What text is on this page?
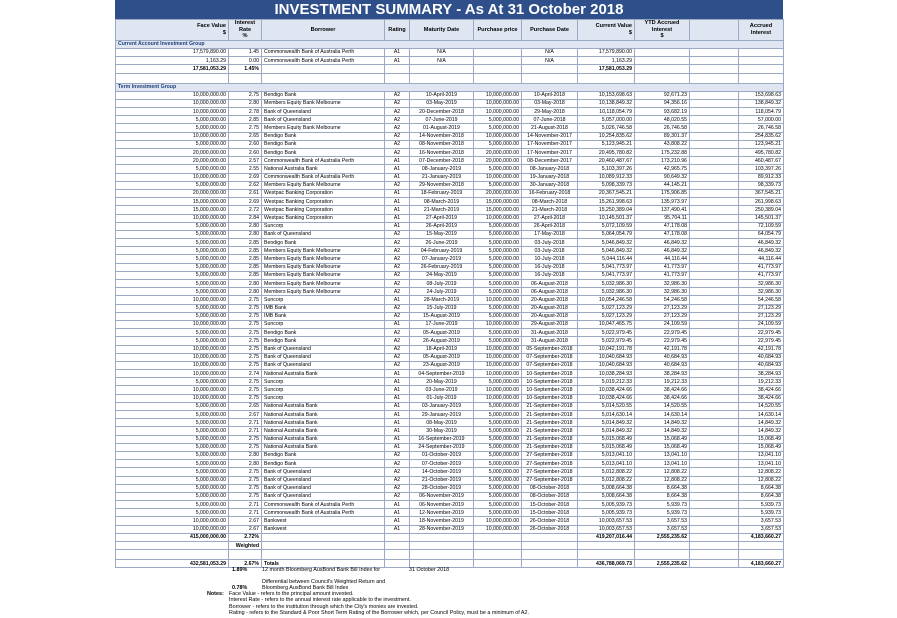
INVESTMENT SUMMARY - As At 31 October 2018
Face Value
$	Interest Rate
%	Borrower	Rating	Maturity Date	Purchase price	Purchase Date	Current Value
$	YTD Accrued Interest
$		Accrued Interest
Current Account Investment Group										
17,579,890.00	1.45	Commonwealth Bank of Australia Perth	A1	N/A		N/A	17,579,890.00			
1,163.29	0.00	Commonwealth Bank of Australia Perth	A1	N/A		N/A	1,163.29			
17,581,053.29	1.45%						17,581,053.29			

Term Investment Group										
10,000,000.00	2.75	Bendigo Bank	A2	10-April-2019	10,000,000.00	10-April-2018	10,153,698.63	92,671.23		153,698.63
10,000,000.00	2.80	Members Equity Bank Melbourne	A2	03-May-2019	10,000,000.00	03-May-2018	10,138,849.32	94,356.16		138,849.32
10,000,000.00	2.78	Bank of Queensland	A2	20-December-2018	10,000,000.00	29-May-2018	10,118,054.79	93,682.19		118,054.79
5,000,000.00	2.85	Bank of Queensland	A2	07-June-2019	5,000,000.00	07-June-2018	5,057,000.00	48,020.55		57,000.00
5,000,000.00	2.75	Members Equity Bank Melbourne	A2	01-August-2019	5,000,000.00	21-August-2018	5,026,746.58	26,746.58		26,746.58
10,000,000.00	2.65	Bendigo Bank	A2	14-November-2018	10,000,000.00	14-November-2017	10,254,835.62	89,301.37		254,835.62
5,000,000.00	2.60	Bendigo Bank	A2	08-November-2018	5,000,000.00	17-November-2017	5,123,945.21	43,808.22		123,945.21
20,000,000.00	2.60	Bendigo Bank	A2	16-November-2018	20,000,000.00	17-November-2017	20,495,780.82	175,232.88		495,780.82
20,000,000.00	2.57	Commonwealth Bank of Australia Perth	A1	07-December-2018	20,000,000.00	08-December-2017	20,460,487.67	173,210.96		460,487.67
5,000,000.00	2.55	National Australia Bank	A1	08-January-2019	5,000,000.00	08-January-2018	5,103,397.26	42,965.75		103,397.26
10,000,000.00	2.69	Commonwealth Bank of Australia Perth	A1	21-January-2019	10,000,000.00	19-January-2018	10,089,912.33	90,649.32		89,912.33
5,000,000.00	2.62	Members Equity Bank Melbourne	A2	29-November-2018	5,000,000.00	30-January-2018	5,098,339.73	44,145.21		98,339.73
20,000,000.00	2.61	Westpac Banking Corporation	A1	18-February-2019	20,000,000.00	16-February-2018	20,367,545.21	175,906.85		367,545.21
15,000,000.00	2.69	Westpac Banking Corporation	A1	08-March-2019	15,000,000.00	08-March-2018	15,261,998.63	135,973.97		261,998.63
15,000,000.00	2.72	Westpac Banking Corporation	A1	21-March-2019	15,000,000.00	21-March-2018	15,250,389.04	137,490.41		250,389.04
10,000,000.00	2.84	Westpac Banking Corporation	A1	27-April-2019	10,000,000.00	27-April-2018	10,145,501.37	95,704.11		145,501.37
5,000,000.00	2.80	Suncorp	A1	26-April-2019	5,000,000.00	26-April-2018	5,072,109.59	47,178.08		72,109.59
5,000,000.00	2.80	Bank of Queensland	A2	15-May-2019	5,000,000.00	17-May-2018	5,064,054.79	47,178.08		64,054.79
5,000,000.00	2.85	Bendigo Bank	A2	26-June-2019	5,000,000.00	03-July-2018	5,046,849.32	46,849.32		46,849.32
5,000,000.00	2.85	Members Equity Bank Melbourne	A2	04-February-2019	5,000,000.00	03-July-2018	5,046,849.32	46,849.32		46,849.32
5,000,000.00	2.85	Members Equity Bank Melbourne	A2	07-January-2019	5,000,000.00	10-July-2018	5,044,116.44	44,116.44		44,116.44
5,000,000.00	2.85	Members Equity Bank Melbourne	A2	26-February-2019	5,000,000.00	16-July-2018	5,041,773.97	41,773.97		41,773.97
5,000,000.00	2.85	Members Equity Bank Melbourne	A2	24-May-2019	5,000,000.00	16-July-2018	5,041,773.97	41,773.97		41,773.97
5,000,000.00	2.80	Members Equity Bank Melbourne	A2	08-July-2019	5,000,000.00	06-August-2018	5,032,986.30	32,986.30		32,986.30
5,000,000.00	2.80	Members Equity Bank Melbourne	A2	24-July-2019	5,000,000.00	06-August-2018	5,032,986.30	32,986.30		32,986.30
10,000,000.00	2.75	Suncorp	A1	28-March-2019	10,000,000.00	20-August-2018	10,054,246.58	54,246.58		54,246.58
5,000,000.00	2.75	IMB Bank	A2	15-July-2019	5,000,000.00	20-August-2018	5,027,123.29	27,123.29		27,123.29
5,000,000.00	2.75	IMB Bank	A2	15-August-2019	5,000,000.00	20-August-2018	5,027,123.29	27,123.29		27,123.29
10,000,000.00	2.75	Suncorp	A1	17-June-2019	10,000,000.00	29-August-2018	10,047,465.75	24,109.59		24,109.59
5,000,000.00	2.75	Bendigo Bank	A2	05-August-2019	5,000,000.00	31-August-2018	5,022,979.45	22,979.45		22,979.45
5,000,000.00	2.75	Bendigo Bank	A2	26-August-2019	5,000,000.00	31-August-2018	5,022,979.45	22,979.45		22,979.45
10,000,000.00	2.75	Bank of Queensland	A2	18-April-2019	10,000,000.00	05-September-2018	10,042,191.78	42,191.78		42,191.78
10,000,000.00	2.75	Bank of Queensland	A2	05-August-2019	10,000,000.00	07-September-2018	10,040,684.93	40,684.93		40,684.93
10,000,000.00	2.75	Bank of Queensland	A2	23-August-2019	10,000,000.00	07-September-2018	10,040,684.93	40,684.93		40,684.93
10,000,000.00	2.74	National Australia Bank	A1	04-September-2019	10,000,000.00	10-September-2018	10,038,284.93	38,284.93		38,284.93
5,000,000.00	2.75	Suncorp	A1	20-May-2019	5,000,000.00	10-September-2018	5,019,212.33	19,212.33		19,212.33
10,000,000.00	2.75	Suncorp	A1	03-June-2019	10,000,000.00	10-September-2018	10,038,424.66	38,424.66		38,424.66
10,000,000.00	2.75	Suncorp	A1	01-July-2019	10,000,000.00	10-September-2018	10,038,424.66	38,424.66		38,424.66
5,000,000.00	2.65	National Australia Bank	A1	03-January-2019	5,000,000.00	21-September-2018	5,014,520.55	14,520.55		14,520.55
5,000,000.00	2.67	National Australia Bank	A1	29-January-2019	5,000,000.00	21-September-2018	5,014,630.14	14,630.14		14,630.14
5,000,000.00	2.71	National Australia Bank	A1	08-May-2019	5,000,000.00	21-September-2018	5,014,849.32	14,849.32		14,849.32
5,000,000.00	2.71	National Australia Bank	A1	30-May-2019	5,000,000.00	21-September-2018	5,014,849.32	14,849.32		14,849.32
5,000,000.00	2.75	National Australia Bank	A1	16-September-2019	5,000,000.00	21-September-2018	5,015,068.49	15,068.49		15,068.49
5,000,000.00	2.75	National Australia Bank	A1	24-September-2019	5,000,000.00	21-September-2018	5,015,068.49	15,068.49		15,068.49
5,000,000.00	2.80	Bendigo Bank	A2	01-October-2019	5,000,000.00	27-September-2018	5,013,041.10	13,041.10		13,041.10
5,000,000.00	2.80	Bendigo Bank	A2	07-October-2019	5,000,000.00	27-September-2018	5,013,041.10	13,041.10		13,041.10
5,000,000.00	2.75	Bank of Queensland	A2	14-October-2019	5,000,000.00	27-September-2018	5,012,808.22	12,808.22		12,808.22
5,000,000.00	2.75	Bank of Queensland	A2	21-October-2019	5,000,000.00	27-September-2018	5,012,808.22	12,808.22		12,808.22
5,000,000.00	2.75	Bank of Queensland	A2	28-October-2019	5,000,000.00	08-October-2018	5,008,664.38	8,664.38		8,664.38
5,000,000.00	2.75	Bank of Queensland	A2	06-November-2019	5,000,000.00	08-October-2018	5,008,664.38	8,664.38		8,664.38
5,000,000.00	2.71	Commonwealth Bank of Australia Perth	A1	06-November-2019	5,000,000.00	15-October-2018	5,005,939.73	5,939.73		5,939.73
5,000,000.00	2.71	Commonwealth Bank of Australia Perth	A1	12-November-2019	5,000,000.00	15-October-2018	5,005,939.73	5,939.73		5,939.73
10,000,000.00	2.67	Bankwest	A1	18-November-2019	10,000,000.00	26-October-2018	10,003,657.53	3,657.53		3,657.53
10,000,000.00	2.67	Bankwest	A1	28-November-2019	10,000,000.00	26-October-2018	10,003,657.53	3,657.53		3,657.53
415,000,000.00	2.72%						419,207,016.44	2,555,235.62		4,183,660.27
	Weighted									

432,581,053.29	2.67%	Totals					436,788,069.73	2,555,235.62		4,183,660.27
1.89%	12 month Bloomberg AusBond Bank Bill Index for	31 October 2018
0.78%Differential between Council's Weighted Return and Bloomberg AusBond Bank Bill Index
Notes: Face Value - refers to the principal amount invested.
Interest Rate - refers to the annual interest rate applicable to the investment.
Borrower - refers to the institution through which the City's monies are invested.
Rating - refers to the Standard & Poor Short Term Rating of the Borrower which, per Council Policy, must be a minimum of A2.
